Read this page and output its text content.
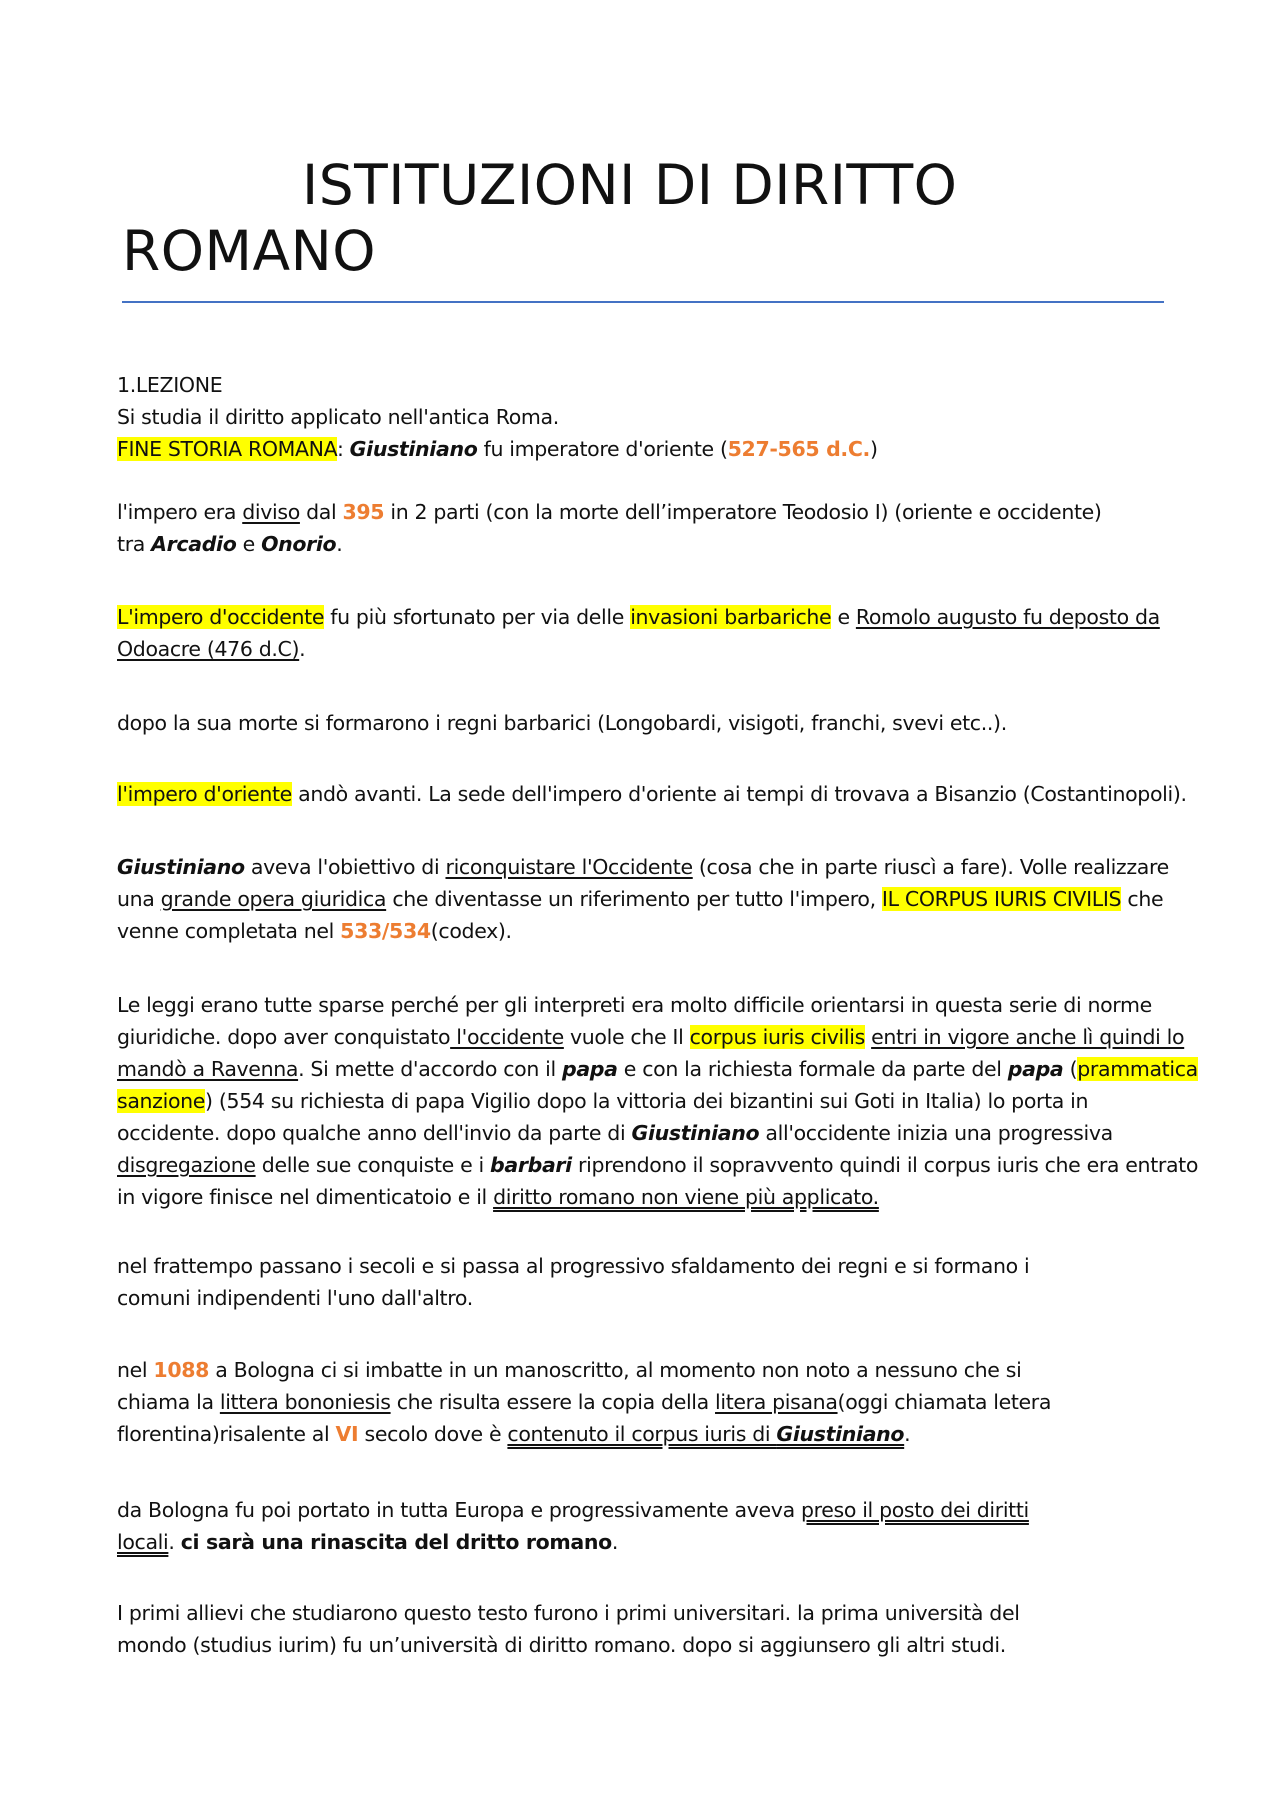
ISTITUZIONI DI DIRITTO
ROMANO
1.LEZIONE
Si studia il diritto applicato nell'antica Roma.
FINE STORIA ROMANA: Giustiniano fu imperatore d'oriente (527-565 d.C.)
l'impero era diviso dal 395 in 2 parti (con la morte dell’imperatore Teodosio I) (oriente e occidente)
tra Arcadio e Onorio.
L'impero d'occidente fu più sfortunato per via delle invasioni barbariche e Romolo augusto fu deposto da
Odoacre (476 d.C).
dopo la sua morte si formarono i regni barbarici (Longobardi, visigoti, franchi, svevi etc..).
l'impero d'oriente andò avanti. La sede dell'impero d'oriente ai tempi di trovava a Bisanzio (Costantinopoli).
Giustiniano aveva l'obiettivo di riconquistare l'Occidente (cosa che in parte riuscì a fare). Volle realizzare
una grande opera giuridica che diventasse un riferimento per tutto l'impero, IL CORPUS IURIS CIVILIS che
venne completata nel 533/534(codex).
Le leggi erano tutte sparse perché per gli interpreti era molto difficile orientarsi in questa serie di norme
giuridiche. dopo aver conquistato l'occidente vuole che Il corpus iuris civilis entri in vigore anche lì quindi lo
mandò a Ravenna. Si mette d'accordo con il papa e con la richiesta formale da parte del papa (prammatica
sanzione) (554 su richiesta di papa Vigilio dopo la vittoria dei bizantini sui Goti in Italia) lo porta in
occidente. dopo qualche anno dell'invio da parte di Giustiniano all'occidente inizia una progressiva
disgregazione delle sue conquiste e i barbari riprendono il sopravvento quindi il corpus iuris che era entrato
in vigore finisce nel dimenticatoio e il diritto romano non viene più applicato.
nel frattempo passano i secoli e si passa al progressivo sfaldamento dei regni e si formano i
comuni indipendenti l'uno dall'altro.
nel 1088 a Bologna ci si imbatte in un manoscritto, al momento non noto a nessuno che si
chiama la littera bononiesis che risulta essere la copia della litera pisana(oggi chiamata letera
florentina)risalente al VI secolo dove è contenuto il corpus iuris di Giustiniano.
da Bologna fu poi portato in tutta Europa e progressivamente aveva preso il posto dei diritti
locali. ci sarà una rinascita del dritto romano.
I primi allievi che studiarono questo testo furono i primi universitari. la prima università del
mondo (studius iurim) fu un’università di diritto romano. dopo si aggiunsero gli altri studi.
